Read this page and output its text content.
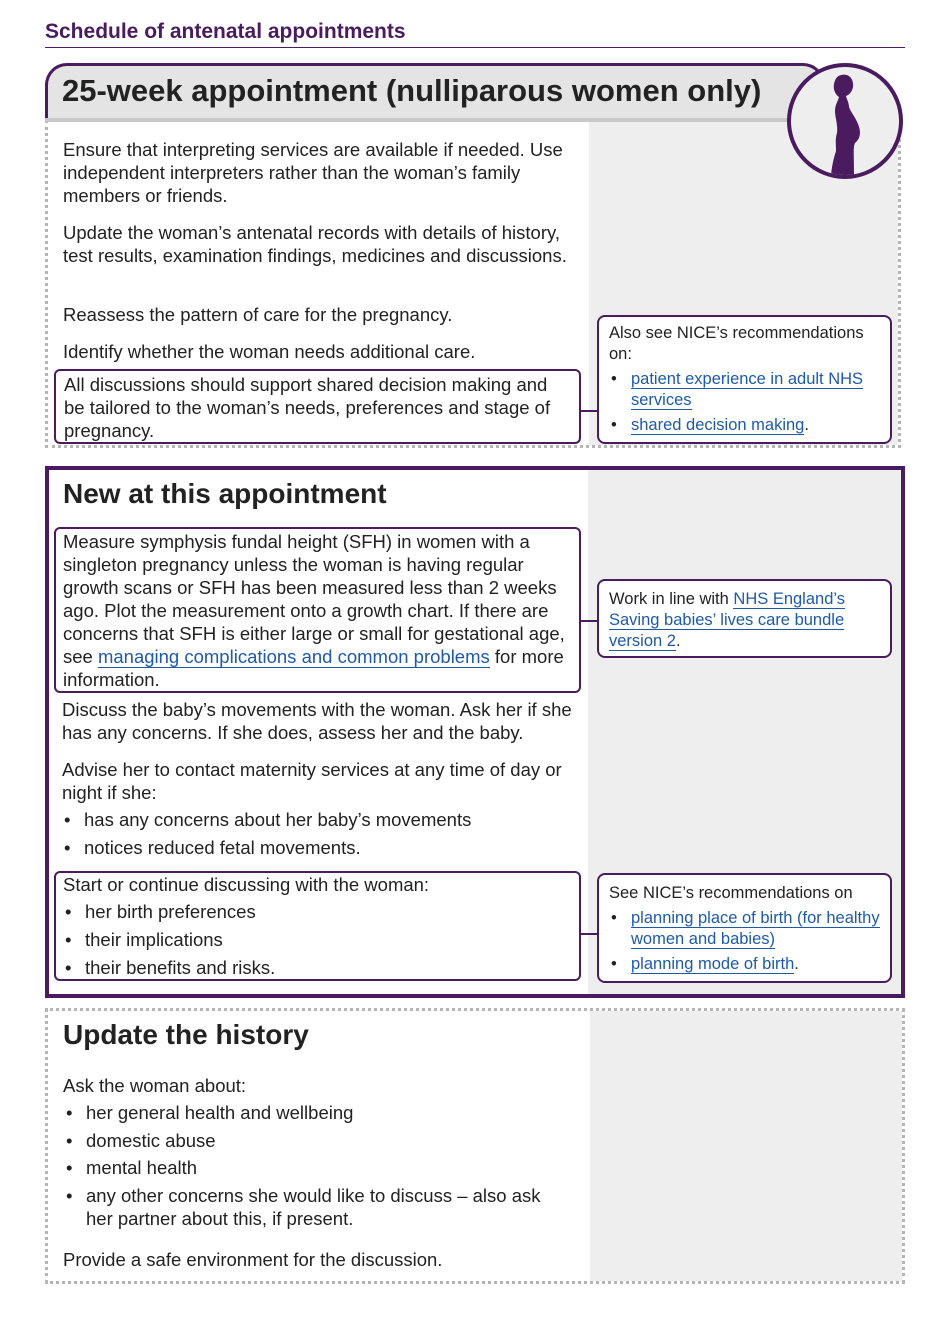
Schedule of antenatal appointments
25-week appointment (nulliparous women only)
Ensure that interpreting services are available if needed. Use independent interpreters rather than the woman’s family members or friends.
Update the woman’s antenatal records with details of history, test results, examination findings, medicines and discussions.
Reassess the pattern of care for the pregnancy.
Identify whether the woman needs additional care.
All discussions should support shared decision making and be tailored to the woman’s needs, preferences and stage of pregnancy.
Also see NICE’s recommendations on:
• patient experience in adult NHS services
• shared decision making.
New at this appointment
Measure symphysis fundal height (SFH) in women with a singleton pregnancy unless the woman is having regular growth scans or SFH has been measured less than 2 weeks ago. Plot the measurement onto a growth chart. If there are concerns that SFH is either large or small for gestational age, see managing complications and common problems for more information.
Work in line with NHS England’s Saving babies’ lives care bundle version 2.
Discuss the baby’s movements with the woman. Ask her if she has any concerns. If she does, assess her and the baby.
Advise her to contact maternity services at any time of day or night if she:
• has any concerns about her baby’s movements
• notices reduced fetal movements.
Start or continue discussing with the woman:
• her birth preferences
• their implications
• their benefits and risks.
See NICE’s recommendations on
• planning place of birth (for healthy women and babies)
• planning mode of birth.
Update the history
Ask the woman about:
• her general health and wellbeing
• domestic abuse
• mental health
• any other concerns she would like to discuss – also ask her partner about this, if present.
Provide a safe environment for the discussion.
